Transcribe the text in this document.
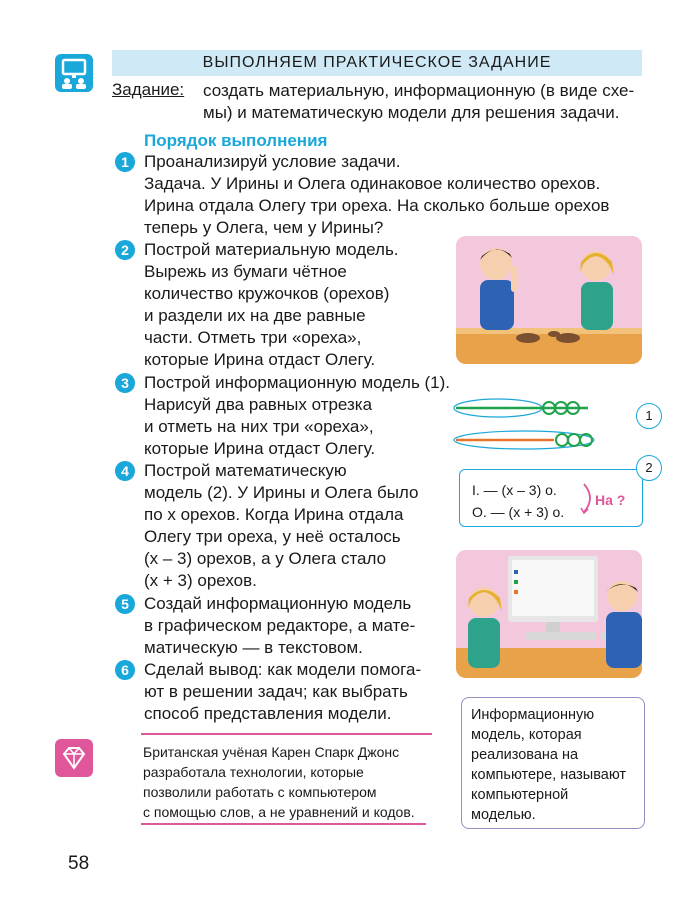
ВЫПОЛНЯЕМ ПРАКТИЧЕСКОЕ ЗАДАНИЕ
Задание: создать материальную, информационную (в виде схе-
мы) и математическую модели для решения задачи.
Порядок выполнения
1 Проанализируй условие задачи.
Задача. У Ирины и Олега одинаковое количество орехов.
Ирина отдала Олегу три ореха. На сколько больше орехов
теперь у Олега, чем у Ирины?
2 Построй материальную модель.
Вырежь из бумаги чётное
количество кружочков (орехов)
и раздели их на две равные
части. Отметь три «ореха»,
которые Ирина отдаст Олегу.
3 Построй информационную модель (1).
Нарисуй два равных отрезка
и отметь на них три «ореха»,
которые Ирина отдаст Олегу.
4 Построй математическую
модель (2). У Ирины и Олега было
по x орехов. Когда Ирина отдала
Олегу три ореха, у неё осталось
(x – 3) орехов, а у Олега стало
(x + 3) орехов.
5 Создай информационную модель
в графическом редакторе, а мате-
матическую — в текстовом.
6 Сделай вывод: как модели помога-
ют в решении задач; как выбрать
способ представления модели.
1
2
I. — (x – 3) о.
О. — (x + 3) о.
На ?
Британская учёная Карен Спарк Джонс
разработала технологии, которые
позволили работать с компьютером
с помощью слов, а не уравнений и кодов.
Информационную
модель, которая
реализована на
компьютере, называют
компьютерной
моделью.
58
